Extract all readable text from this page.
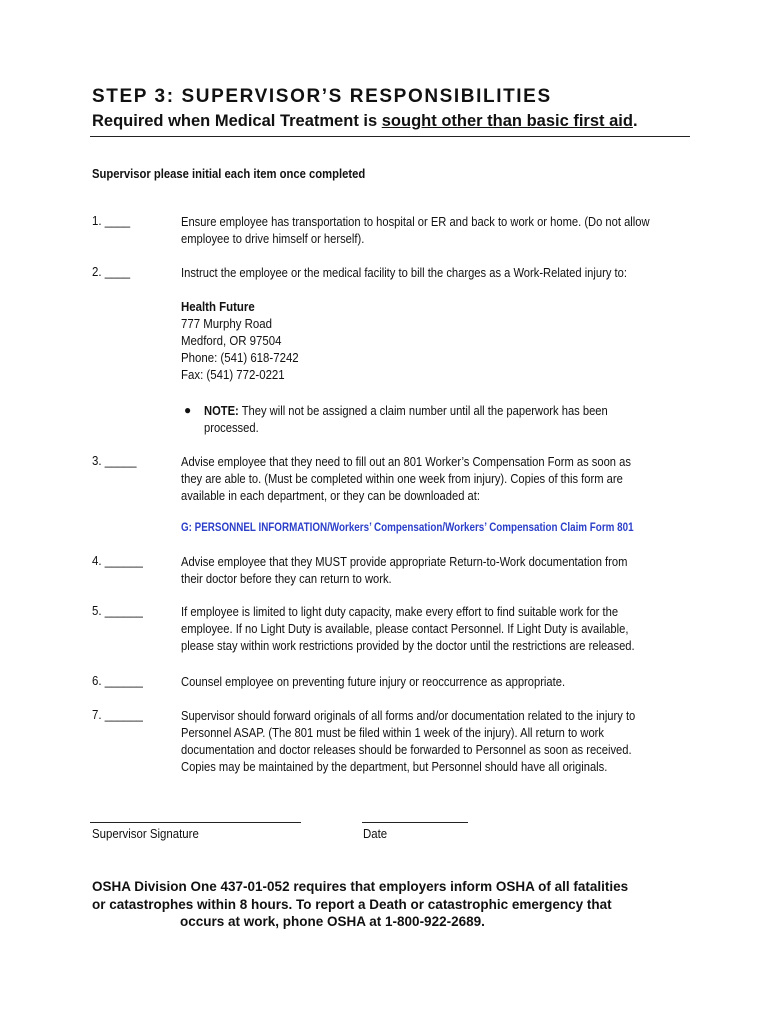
STEP 3: SUPERVISOR’S RESPONSIBILITIES
Required when Medical Treatment is sought other than basic first aid.
Supervisor please initial each item once completed
1. ____	Ensure employee has transportation to hospital or ER and back to work or home. (Do not allow employee to drive himself or herself).
2. ____	Instruct the employee or the medical facility to bill the charges as a Work-Related injury to:
Health Future
777 Murphy Road
Medford, OR 97504
Phone: (541) 618-7242
Fax: (541) 772-0221
● NOTE: They will not be assigned a claim number until all the paperwork has been processed.
3. _____	Advise employee that they need to fill out an 801 Worker’s Compensation Form as soon as they are able to. (Must be completed within one week from injury). Copies of this form are available in each department, or they can be downloaded at:
G: PERSONNEL INFORMATION/Workers’ Compensation/Workers’ Compensation Claim Form 801
4. ______	Advise employee that they MUST provide appropriate Return-to-Work documentation from their doctor before they can return to work.
5. ______	If employee is limited to light duty capacity, make every effort to find suitable work for the employee. If no Light Duty is available, please contact Personnel. If Light Duty is available, please stay within work restrictions provided by the doctor until the restrictions are released.
6. ______	Counsel employee on preventing future injury or reoccurrence as appropriate.
7. ______	Supervisor should forward originals of all forms and/or documentation related to the injury to Personnel ASAP. (The 801 must be filed within 1 week of the injury). All return to work documentation and doctor releases should be forwarded to Personnel as soon as received. Copies may be maintained by the department, but Personnel should have all originals.
Supervisor Signature	Date
OSHA Division One 437-01-052 requires that employers inform OSHA of all fatalities
or catastrophes within 8 hours. To report a Death or catastrophic emergency that
occurs at work, phone OSHA at 1-800-922-2689.
